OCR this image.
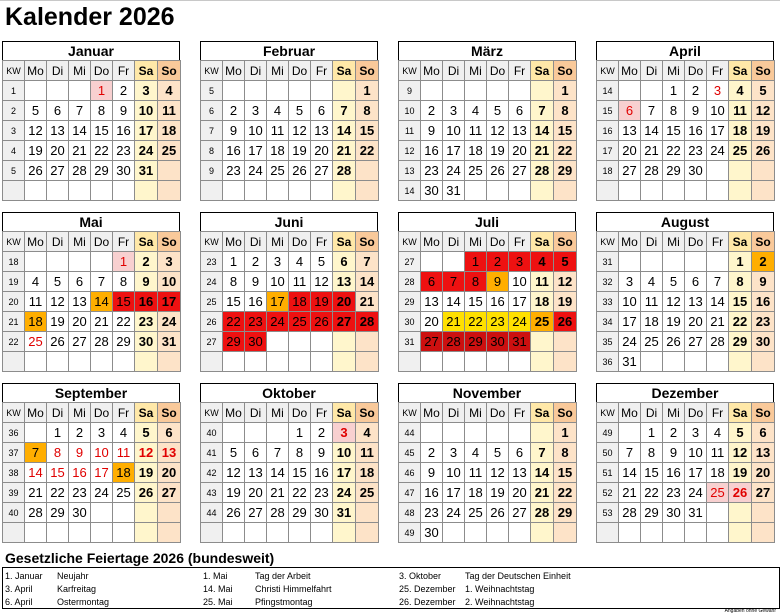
Kalender 2026
Januar
KW	Mo	Di	Mi	Do	Fr	Sa	So
1				1	2	3	4
2	5	6	7	8	9	10	11
3	12	13	14	15	16	17	18
4	19	20	21	22	23	24	25
5	26	27	28	29	30	31	

Februar
KW	Mo	Di	Mi	Do	Fr	Sa	So
5							1
6	2	3	4	5	6	7	8
7	9	10	11	12	13	14	15
8	16	17	18	19	20	21	22
9	23	24	25	26	27	28	

März
KW	Mo	Di	Mi	Do	Fr	Sa	So
9							1
10	2	3	4	5	6	7	8
11	9	10	11	12	13	14	15
12	16	17	18	19	20	21	22
13	23	24	25	26	27	28	29
14	30	31					
April
KW	Mo	Di	Mi	Do	Fr	Sa	So
14			1	2	3	4	5
15	6	7	8	9	10	11	12
16	13	14	15	16	17	18	19
17	20	21	22	23	24	25	26
18	27	28	29	30			

Mai
KW	Mo	Di	Mi	Do	Fr	Sa	So
18					1	2	3
19	4	5	6	7	8	9	10
20	11	12	13	14	15	16	17
21	18	19	20	21	22	23	24
22	25	26	27	28	29	30	31

Juni
KW	Mo	Di	Mi	Do	Fr	Sa	So
23	1	2	3	4	5	6	7
24	8	9	10	11	12	13	14
25	15	16	17	18	19	20	21
26	22	23	24	25	26	27	28
27	29	30					

Juli
KW	Mo	Di	Mi	Do	Fr	Sa	So
27			1	2	3	4	5
28	6	7	8	9	10	11	12
29	13	14	15	16	17	18	19
30	20	21	22	23	24	25	26
31	27	28	29	30	31		

August
KW	Mo	Di	Mi	Do	Fr	Sa	So
31						1	2
32	3	4	5	6	7	8	9
33	10	11	12	13	14	15	16
34	17	18	19	20	21	22	23
35	24	25	26	27	28	29	30
36	31						
September
KW	Mo	Di	Mi	Do	Fr	Sa	So
36		1	2	3	4	5	6
37	7	8	9	10	11	12	13
38	14	15	16	17	18	19	20
39	21	22	23	24	25	26	27
40	28	29	30				

Oktober
KW	Mo	Di	Mi	Do	Fr	Sa	So
40				1	2	3	4
41	5	6	7	8	9	10	11
42	12	13	14	15	16	17	18
43	19	20	21	22	23	24	25
44	26	27	28	29	30	31	

November
KW	Mo	Di	Mi	Do	Fr	Sa	So
44							1
45	2	3	4	5	6	7	8
46	9	10	11	12	13	14	15
47	16	17	18	19	20	21	22
48	23	24	25	26	27	28	29
49	30						
Dezember
KW	Mo	Di	Mi	Do	Fr	Sa	So
49		1	2	3	4	5	6
50	7	8	9	10	11	12	13
51	14	15	16	17	18	19	20
52	21	22	23	24	25	26	27
53	28	29	30	31			

Gesetzliche Feiertage 2026 (bundesweit)
1. Januar Neujahr
3. April	Karfreitag
6. April	Ostermontag
1. Mai	Tag der Arbeit
14. Mai Christi Himmelfahrt
25. Mai Pfingstmontag
3. Oktober	Tag der Deutschen Einheit
25. Dezember 1. Weihnachtstag
26. Dezember 2. Weihnachtstag
Angaben ohne Gewähr
